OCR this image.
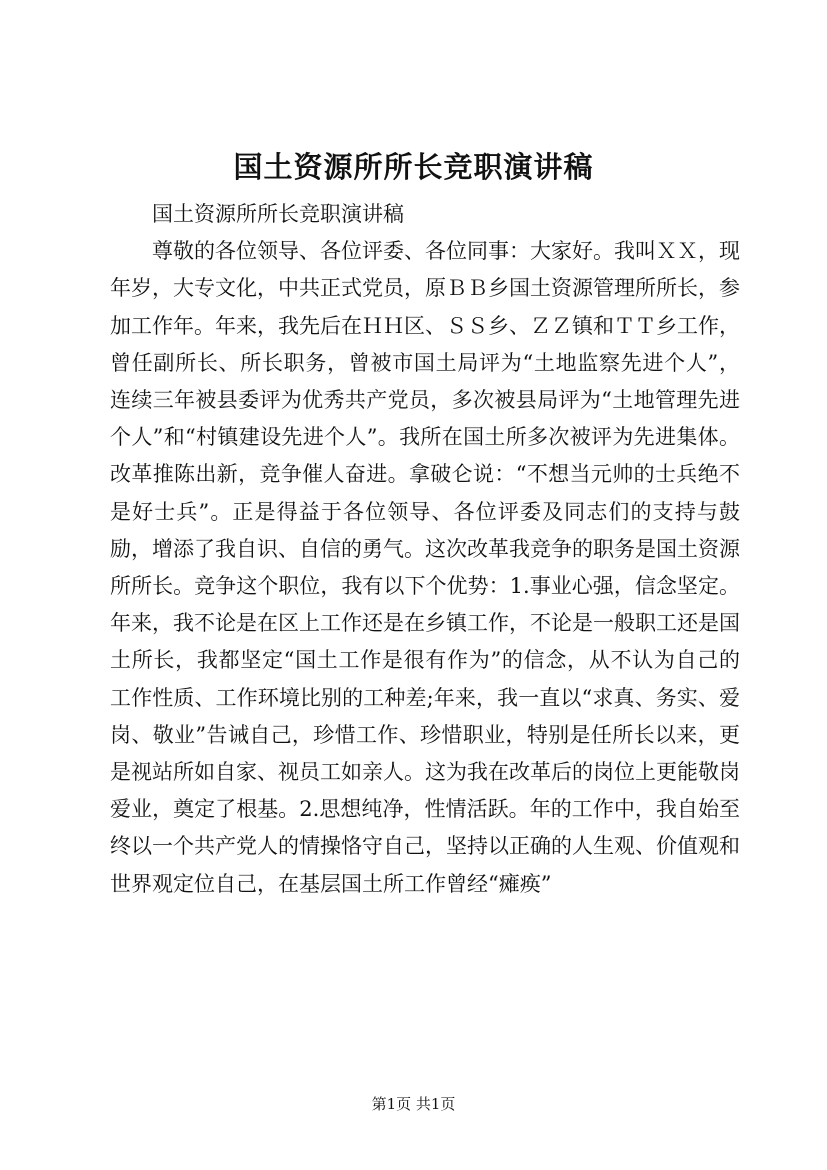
国土资源所所长竞职演讲稿

国土资源所所长竞职演讲稿

尊敬的各位领导、各位评委、各位同事：大家好。我叫ＸＸ，现年岁，大专文化，中共正式党员，原ＢＢ乡国土资源管理所所长，参加工作年。年来，我先后在ＨＨ区、ＳＳ乡、ＺＺ镇和ＴＴ乡工作，曾任副所长、所长职务，曾被市国土局评为“土地监察先进个人”，连续三年被县委评为优秀共产党员，多次被县局评为“土地管理先进个人”和“村镇建设先进个人”。我所在国土所多次被评为先进集体。改革推陈出新，竞争催人奋进。拿破仑说：“不想当元帅的士兵绝不是好士兵”。正是得益于各位领导、各位评委及同志们的支持与鼓励，增添了我自识、自信的勇气。这次改革我竞争的职务是国土资源所所长。竞争这个职位，我有以下个优势：1.事业心强，信念坚定。年来，我不论是在区上工作还是在乡镇工作，不论是一般职工还是国土所长，我都坚定“国土工作是很有作为”的信念，从不认为自己的工作性质、工作环境比别的工种差;年来，我一直以“求真、务实、爱岗、敬业”告诫自己，珍惜工作、珍惜职业，特别是任所长以来，更是视站所如自家、视员工如亲人。这为我在改革后的岗位上更能敬岗爱业，奠定了根基。2.思想纯净，性情活跃。年的工作中，我自始至终以一个共产党人的情操恪守自己，坚持以正确的人生观、价值观和世界观定位自己，在基层国土所工作曾经“瘫痪”

第1页 共1页
